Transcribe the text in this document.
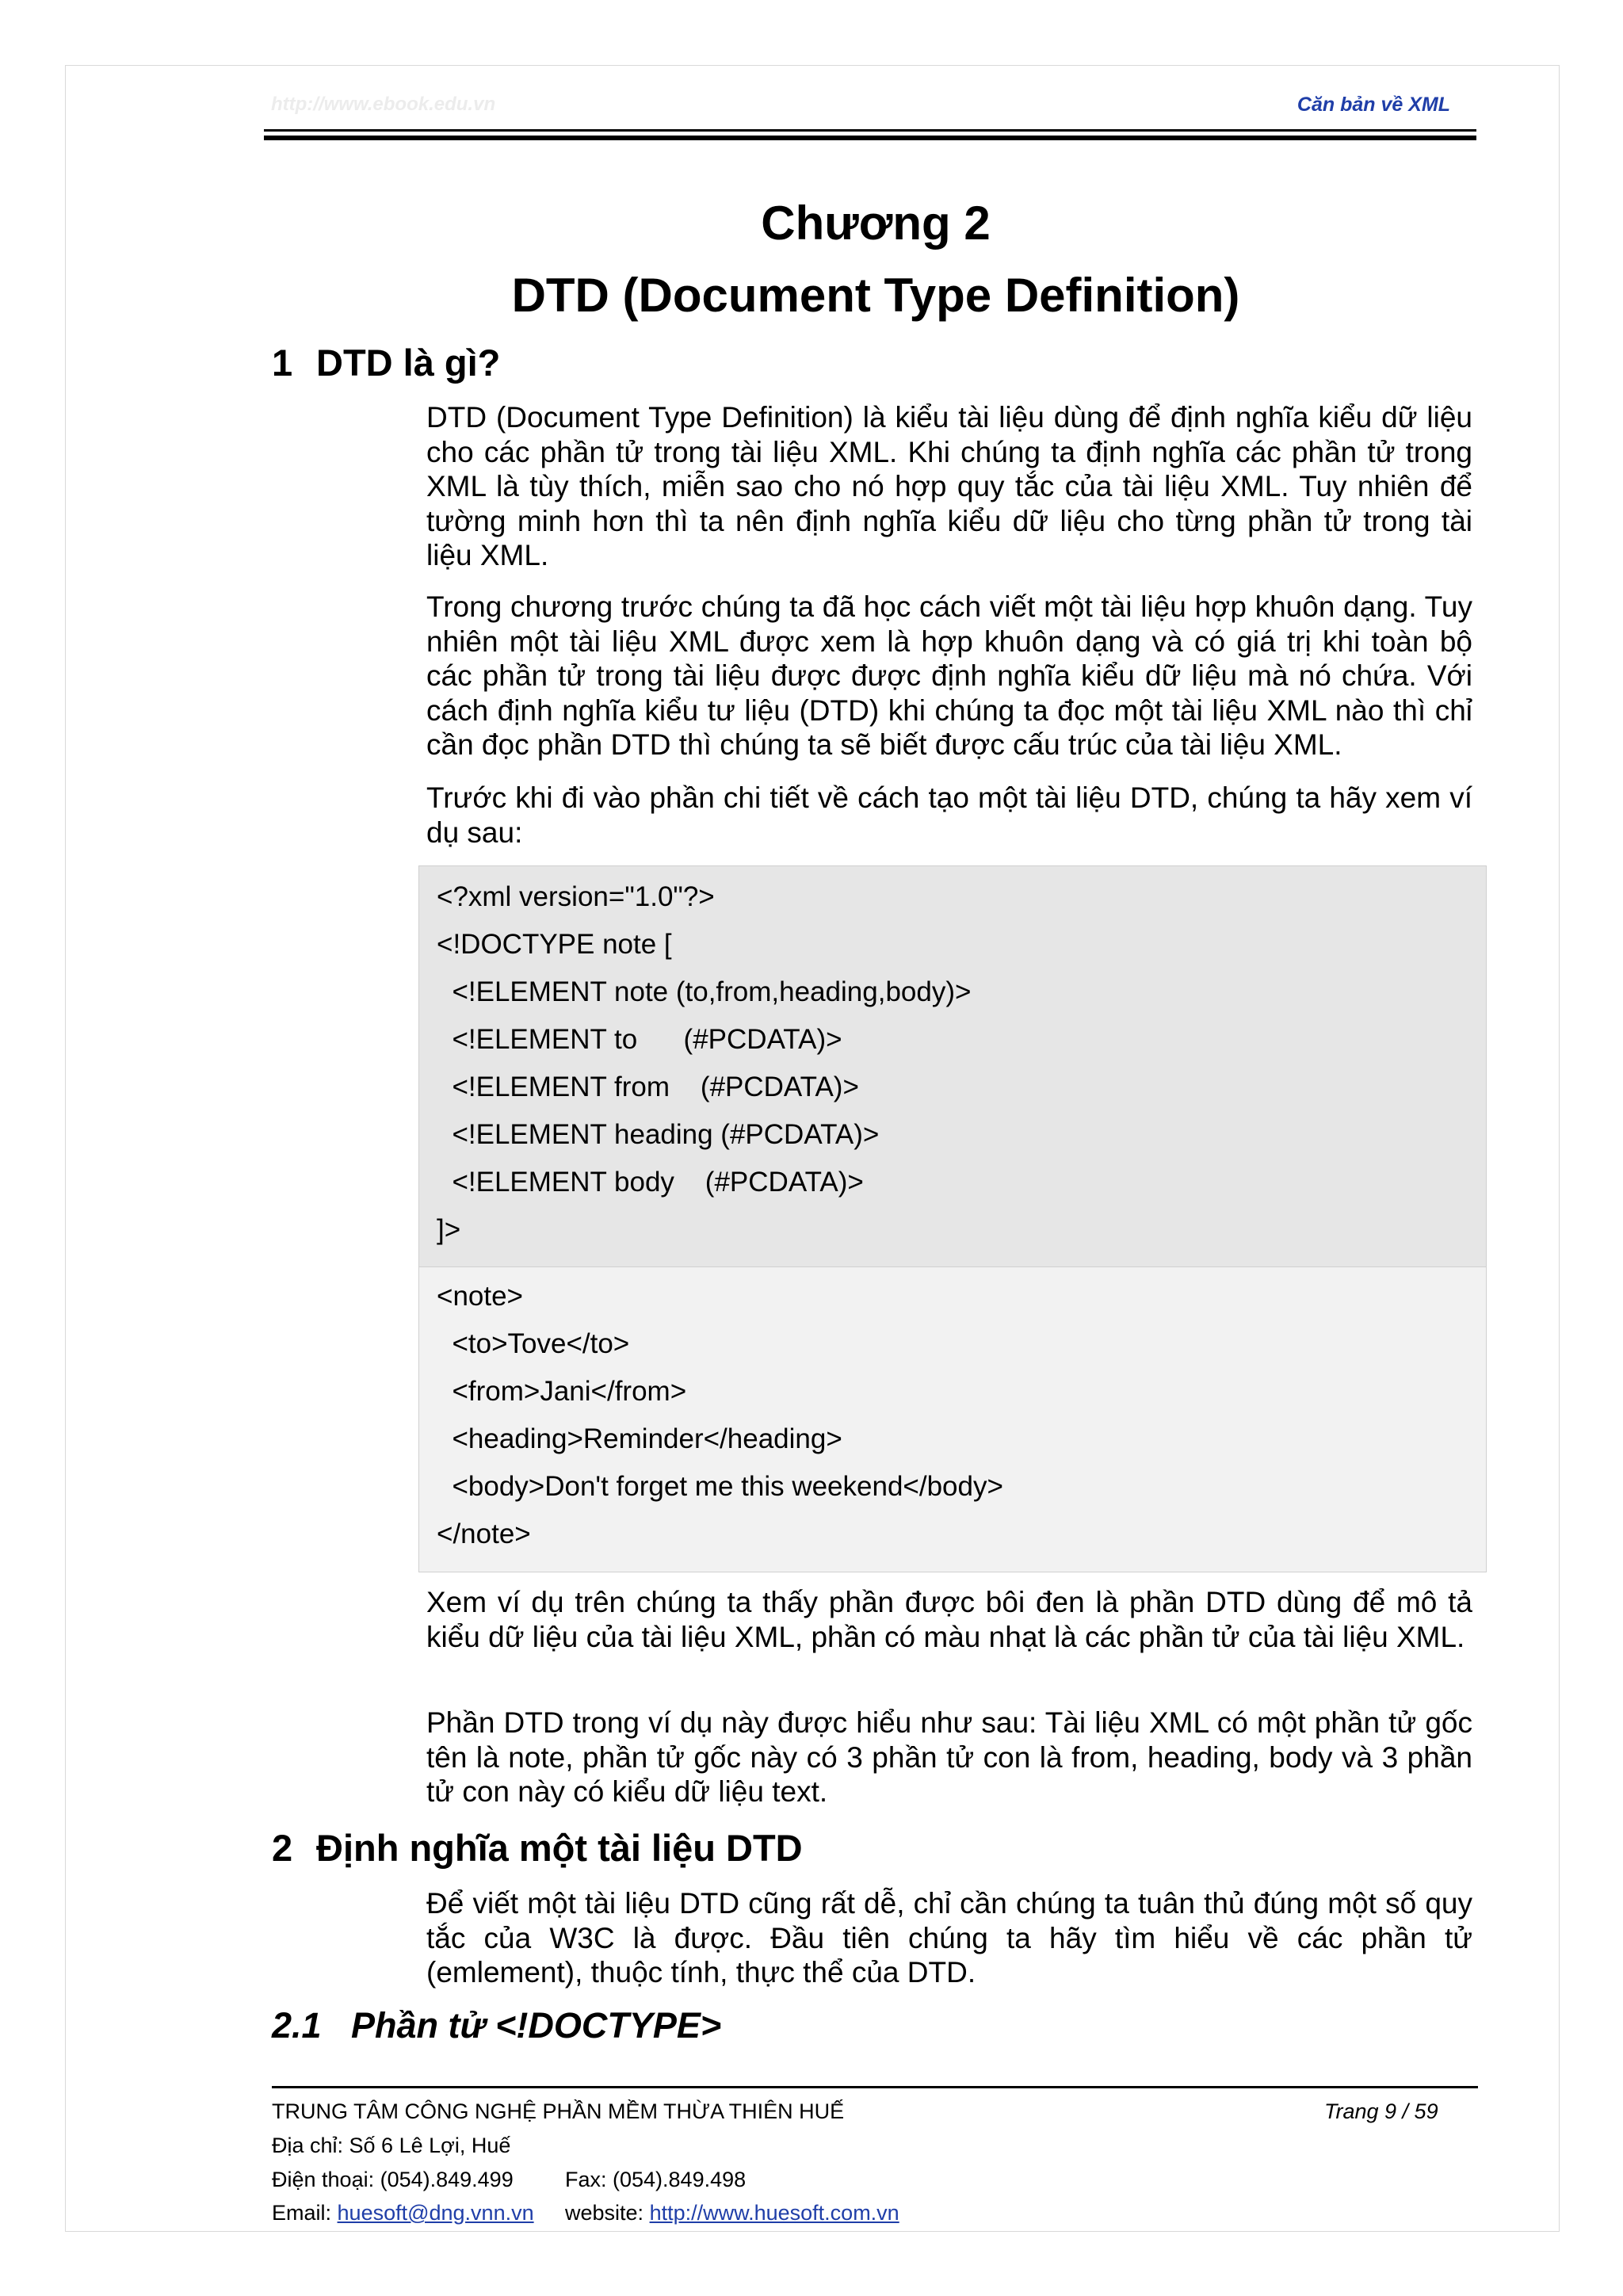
http://www.ebook.edu.vn	Căn bản về XML
Chương 2
DTD (Document Type Definition)
1 DTD là gì?
DTD (Document Type Definition) là kiểu tài liệu dùng để định nghĩa kiểu dữ liệu cho các phần tử trong tài liệu XML. Khi chúng ta định nghĩa các phần tử trong XML là tùy thích, miễn sao cho nó hợp quy tắc của tài liệu XML. Tuy nhiên để tường minh hơn thì ta nên định nghĩa kiểu dữ liệu cho từng phần tử trong tài liệu XML.
Trong chương trước chúng ta đã học cách viết một tài liệu hợp khuôn dạng. Tuy nhiên một tài liệu XML được xem là hợp khuôn dạng và có giá trị khi toàn bộ các phần tử trong tài liệu được được định nghĩa kiểu dữ liệu mà nó chứa. Với cách định nghĩa kiểu tư liệu (DTD) khi chúng ta đọc một tài liệu XML nào thì chỉ cần đọc phần DTD thì chúng ta sẽ biết được cấu trúc của tài liệu XML.
Trước khi đi vào phần chi tiết về cách tạo một tài liệu DTD, chúng ta hãy xem ví dụ sau:
<?xml version="1.0"?>
<!DOCTYPE note [
<!ELEMENT note (to,from,heading,body)>
<!ELEMENT to      (#PCDATA)>
<!ELEMENT from    (#PCDATA)>
<!ELEMENT heading (#PCDATA)>
<!ELEMENT body    (#PCDATA)>
]>
<note>
<to>Tove</to>
<from>Jani</from>
<heading>Reminder</heading>
<body>Don't forget me this weekend</body>
</note>
Xem ví dụ trên chúng ta thấy phần được bôi đen là phần DTD dùng để mô tả kiểu dữ liệu của tài liệu XML, phần có màu nhạt là các phần tử của tài liệu XML.
Phần DTD trong ví dụ này được hiểu như sau: Tài liệu XML có một phần tử gốc tên là note, phần tử gốc này có 3 phần tử con là from, heading, body và 3 phần tử con này có kiểu dữ liệu text.
2 Định nghĩa một tài liệu DTD
Để viết một tài liệu DTD cũng rất dễ, chỉ cần chúng ta tuân thủ đúng một số quy tắc của W3C là được. Đầu tiên chúng ta hãy tìm hiểu về các phần tử (emlement), thuộc tính, thực thể của DTD.
2.1 Phần tử <!DOCTYPE>
TRUNG TÂM CÔNG NGHỆ PHẦN MỀM THỪA THIÊN HUẾ	Trang 9 / 59
Địa chỉ: Số 6 Lê Lợi, Huế
Điện thoại: (054).849.499 Fax: (054).849.498
Email: huesoft@dng.vnn.vn website: http://www.huesoft.com.vn
